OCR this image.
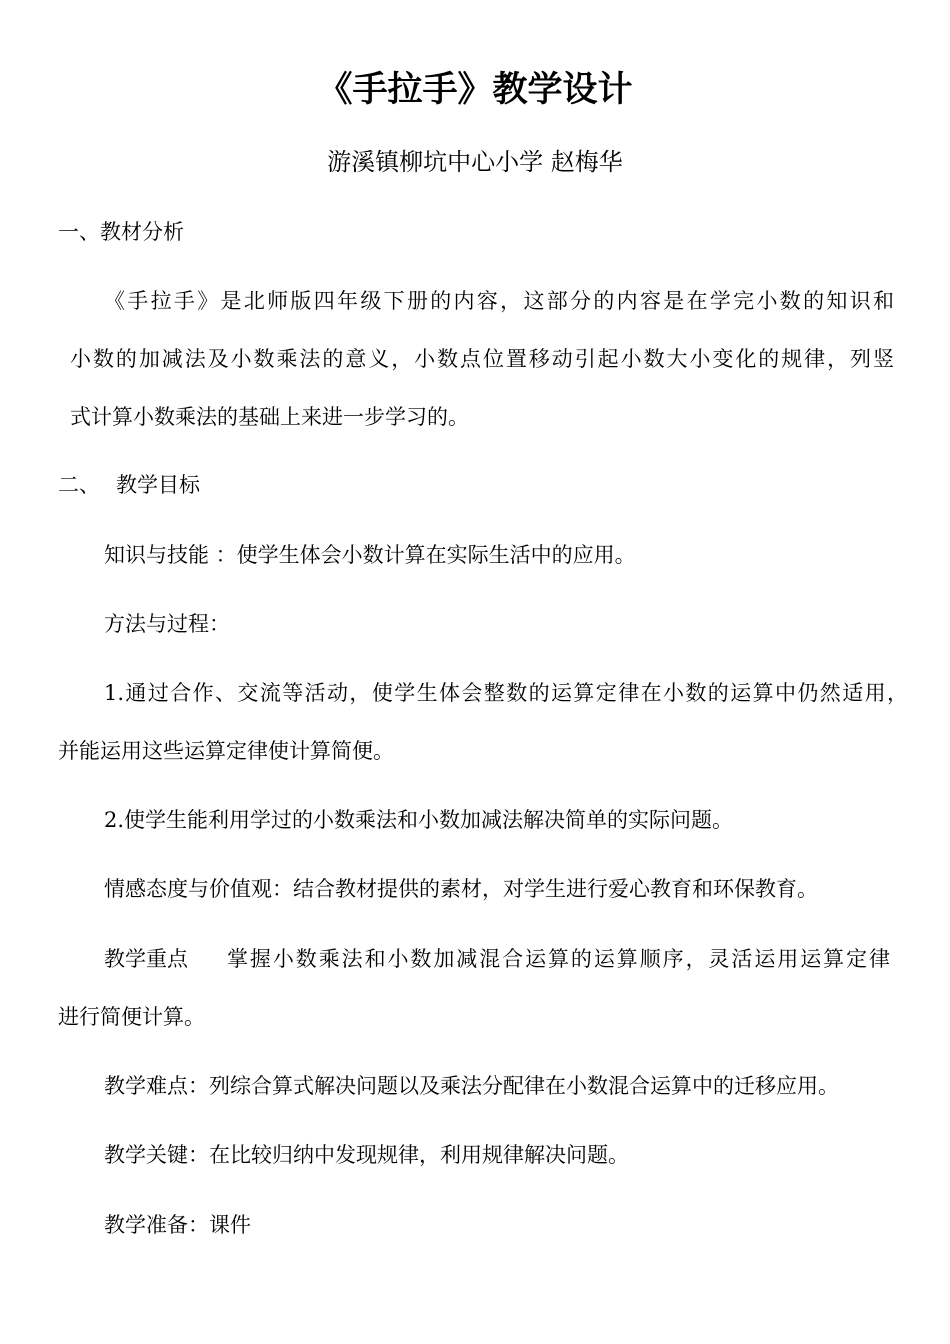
《手拉手》教学设计
游溪镇柳坑中心小学 赵梅华
一、教材分析
《手拉手》是北师版四年级下册的内容，这部分的内容是在学完小数的知识和
小数的加减法及小数乘法的意义，小数点位置移动引起小数大小变化的规律，列竖
式计算小数乘法的基础上来进一步学习的。
二、 教学目标
知识与技能 ：使学生体会小数计算在实际生活中的应用。
方法与过程：
1.通过合作、交流等活动，使学生体会整数的运算定律在小数的运算中仍然适用，
并能运用这些运算定律使计算简便。
2.使学生能利用学过的小数乘法和小数加减法解决简单的实际问题。
情感态度与价值观：结合教材提供的素材，对学生进行爱心教育和环保教育。
教学重点 掌握小数乘法和小数加减混合运算的运算顺序，灵活运用运算定律
进行简便计算。
教学难点：列综合算式解决问题以及乘法分配律在小数混合运算中的迁移应用。
教学关键：在比较归纳中发现规律，利用规律解决问题。
教学准备：课件
